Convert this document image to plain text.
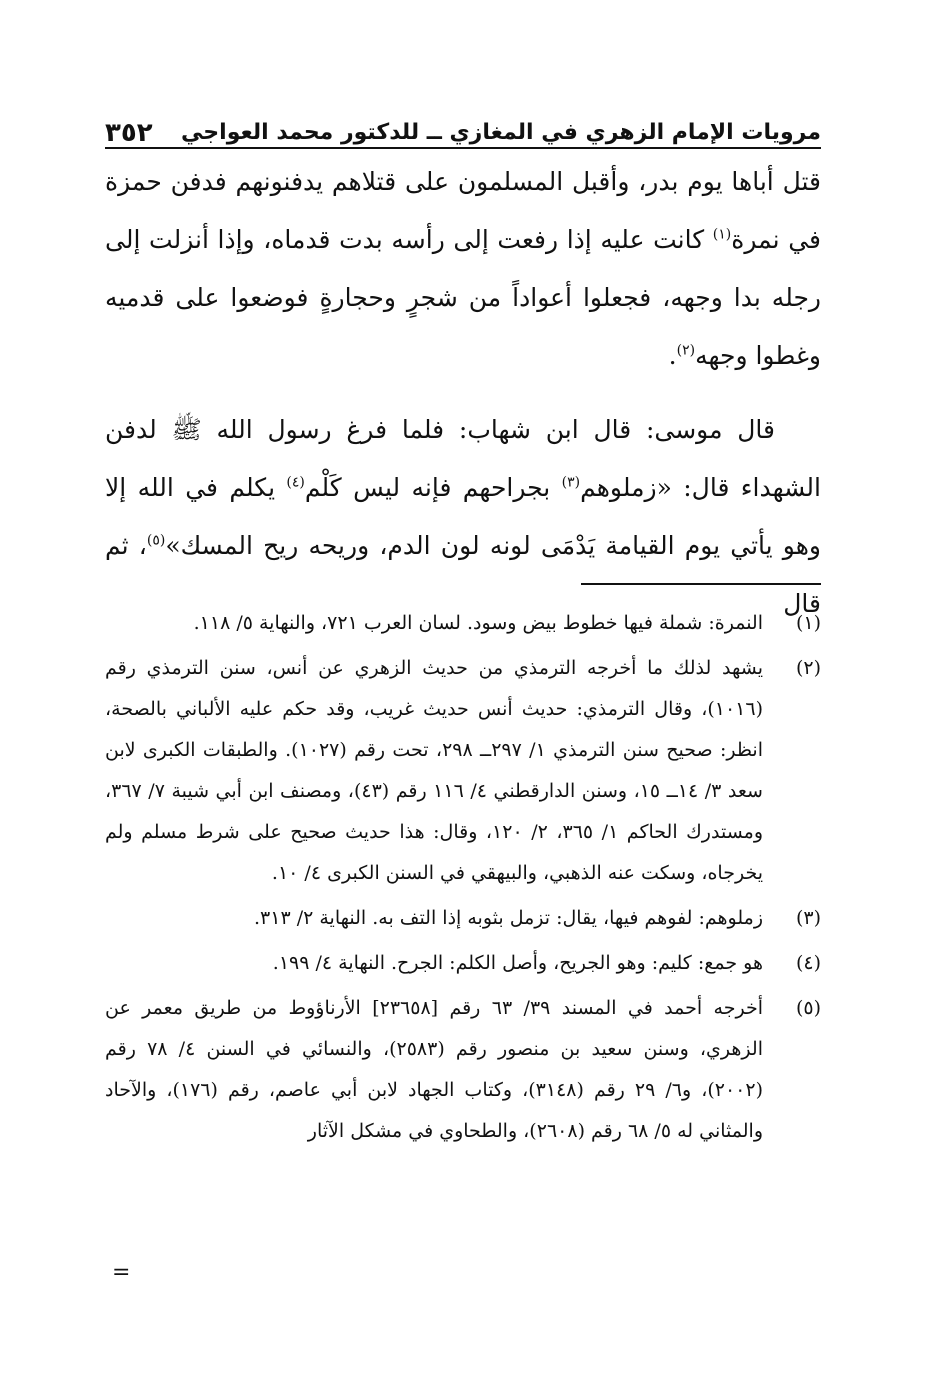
مرويات الإمام الزهري في المغازي ــ للدكتور محمد العواجي
٣٥٢

قتل أباها يوم بدر، وأقبل المسلمون على قتلاهم يدفنونهم فدفن حمزة في نمرة$^{(١)}$ كانت عليه إذا رفعت إلى رأسه بدت قدماه، وإذا أنزلت إلى رجله بدا وجهه، فجعلوا أعواداً من شجرٍ وحجارةٍ فوضعوا على قدميه وغطوا وجهه$^{(٢)}$.

قال موسى: قال ابن شهاب: فلما فرغ رسول الله ﷺ لدفن الشهداء قال: «زملوهم$^{(٣)}$ بجراحهم فإنه ليس كَلْم$^{(٤)}$ يكلم في الله إلا وهو يأتي يوم القيامة يَدْمَى لونه لون الدم، وريحه ريح المسك»$^{(٥)}$، ثم قال

(١)
النمرة: شملة فيها خطوط بيض وسود. لسان العرب ٧٢١، والنهاية ٥/ ١١٨.
(٢)
يشهد لذلك ما أخرجه الترمذي من حديث الزهري عن أنس، سنن الترمذي رقم (١٠١٦)، وقال الترمذي: حديث أنس حديث غريب، وقد حكم عليه الألباني بالصحة، انظر: صحيح سنن الترمذي ١/ ٢٩٧ــ ٢٩٨، تحت رقم (١٠٢٧). والطبقات الكبرى لابن سعد ٣/ ١٤ــ ١٥، وسنن الدارقطني ٤/ ١١٦ رقم (٤٣)، ومصنف ابن أبي شيبة ٧/ ٣٦٧، ومستدرك الحاكم ١/ ٣٦٥، ٢/ ١٢٠، وقال: هذا حديث صحيح على شرط مسلم ولم يخرجاه، وسكت عنه الذهبي، والبيهقي في السنن الكبرى ٤/ ١٠.
(٣)
زملوهم: لفوهم فيها، يقال: تزمل بثوبه إذا التف به. النهاية ٢/ ٣١٣.
(٤)
هو جمع: كليم: وهو الجريح، وأصل الكلم: الجرح. النهاية ٤/ ١٩٩.
(٥)
أخرجه أحمد في المسند ٣٩/ ٦٣ رقم [٢٣٦٥٨] الأرناؤوط من طريق معمر عن الزهري، وسنن سعيد بن منصور رقم (٢٥٨٣)، والنسائي في السنن ٤/ ٧٨ رقم (٢٠٠٢)، و٦/ ٢٩ رقم (٣١٤٨)، وكتاب الجهاد لابن أبي عاصم، رقم (١٧٦)، والآحاد والمثاني له ٥/ ٦٨ رقم (٢٦٠٨)، والطحاوي في مشكل الآثار
=
